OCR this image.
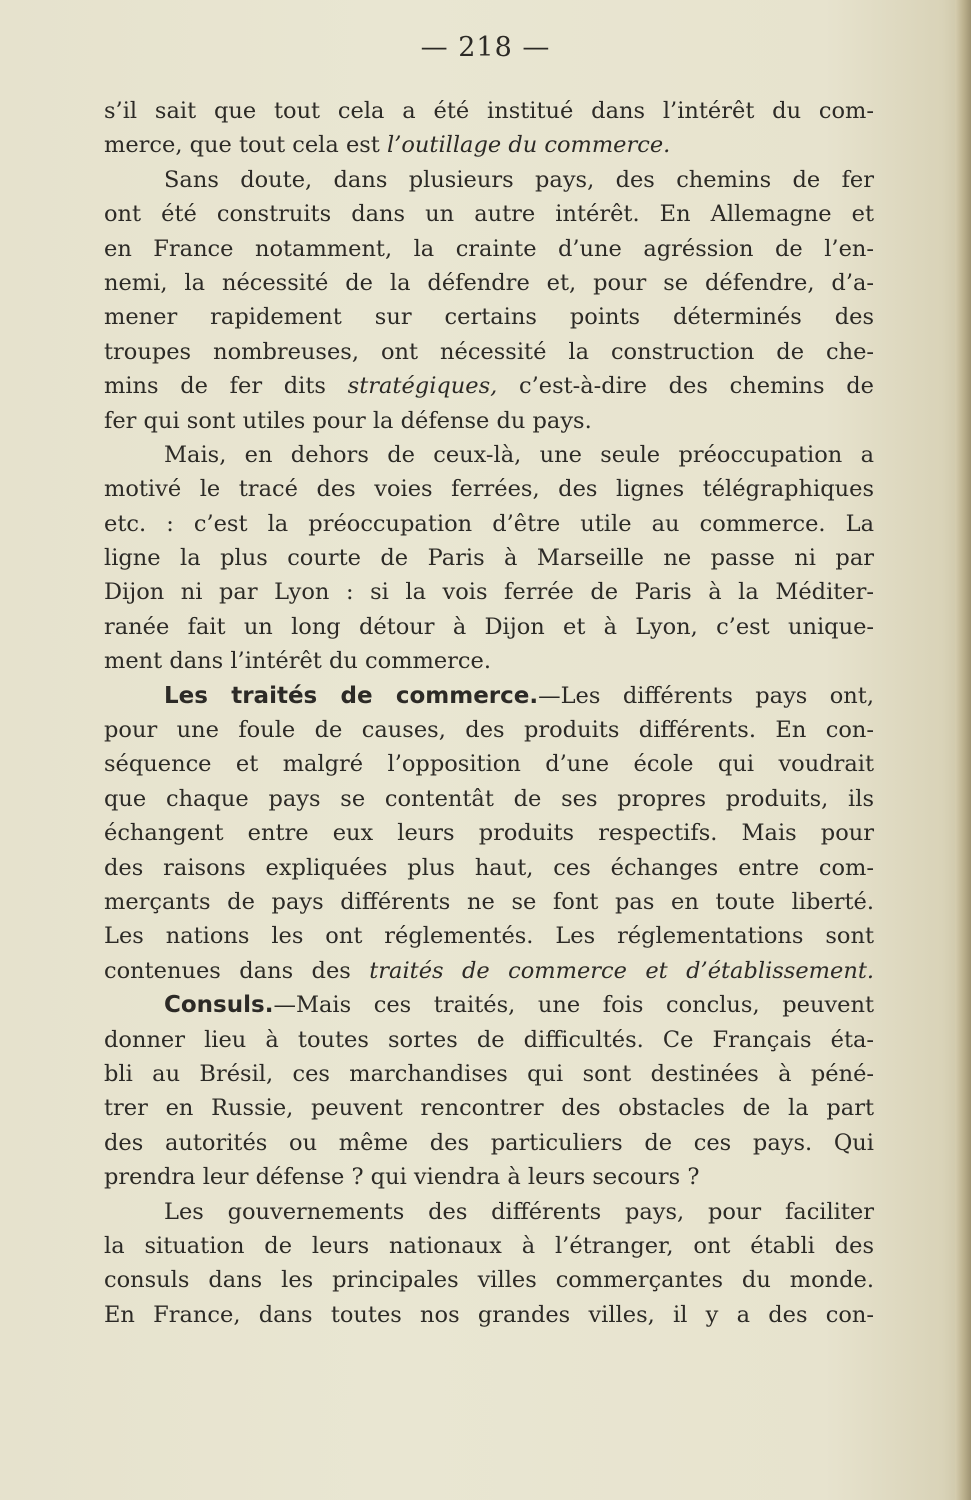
— 218 —
s’il sait que tout cela a été institué dans l’intérêt du com-
merce, que tout cela est l’outillage du commerce.
Sans doute, dans plusieurs pays, des chemins de fer
ont été construits dans un autre intérêt. En Allemagne et
en France notamment, la crainte d’une agréssion de l’en-
nemi, la nécessité de la défendre et, pour se défendre, d’a-
mener rapidement sur certains points déterminés des
troupes nombreuses, ont nécessité la construction de che-
mins de fer dits stratégiques, c’est-à-dire des chemins de
fer qui sont utiles pour la défense du pays.
Mais, en dehors de ceux-là, une seule préoccupation a
motivé le tracé des voies ferrées, des lignes télégraphiques
etc. : c’est la préoccupation d’être utile au commerce. La
ligne la plus courte de Paris à Marseille ne passe ni par
Dijon ni par Lyon : si la vois ferrée de Paris à la Méditer-
ranée fait un long détour à Dijon et à Lyon, c’est unique-
ment dans l’intérêt du commerce.
Les traités de commerce.—Les différents pays ont,
pour une foule de causes, des produits différents. En con-
séquence et malgré l’opposition d’une école qui voudrait
que chaque pays se contentât de ses propres produits, ils
échangent entre eux leurs produits respectifs. Mais pour
des raisons expliquées plus haut, ces échanges entre com-
merçants de pays différents ne se font pas en toute liberté.
Les nations les ont réglementés. Les réglementations sont
contenues dans des traités de commerce et d’établissement.
Consuls.—Mais ces traités, une fois conclus, peuvent
donner lieu à toutes sortes de difficultés. Ce Français éta-
bli au Brésil, ces marchandises qui sont destinées à péné-
trer en Russie, peuvent rencontrer des obstacles de la part
des autorités ou même des particuliers de ces pays. Qui
prendra leur défense ? qui viendra à leurs secours ?
Les gouvernements des différents pays, pour faciliter
la situation de leurs nationaux à l’étranger, ont établi des
consuls dans les principales villes commerçantes du monde.
En France, dans toutes nos grandes villes, il y a des con-
